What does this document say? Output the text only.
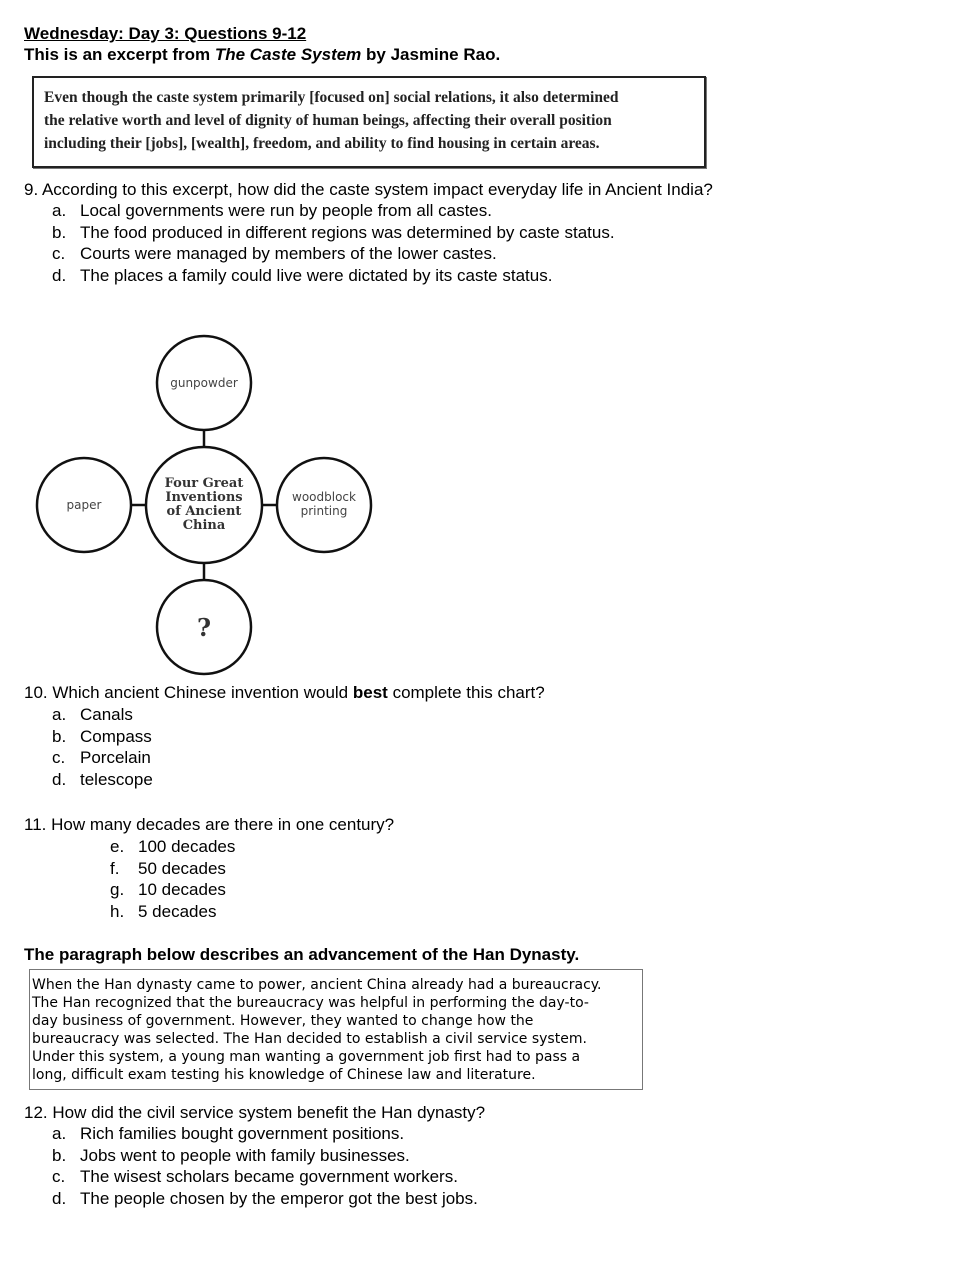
Wednesday: Day 3: Questions 9-12
This is an excerpt from The Caste System by Jasmine Rao.

Even though the caste system primarily [focused on] social relations, it also determined

the relative worth and level of dignity of human beings, affecting their overall position

including their [jobs], [wealth], freedom, and ability to find housing in certain areas.

9. According to this excerpt, how did the caste system impact everyday life in Ancient India?
a. Local governments were run by people from all castes.
b. The food produced in different regions was determined by caste status.
c. Courts were managed by members of the lower castes.
d. The places a family could live were dictated by its caste status.
gunpowder
paper
woodblock
printing
Four Great
Inventions
of Ancient
China
?
10. Which ancient Chinese invention would best complete this chart?
a. Canals
b. Compass
c. Porcelain
d. telescope
11. How many decades are there in one century?
e. 100 decades
f. 50 decades
g. 10 decades
h. 5 decades
The paragraph below describes an advancement of the Han Dynasty.

When the Han dynasty came to power, ancient China already had a bureaucracy.

The Han recognized that the bureaucracy was helpful in performing the day-to-

day business of government. However, they wanted to change how the

bureaucracy was selected. The Han decided to establish a civil service system.

Under this system, a young man wanting a government job first had to pass a

long, difficult exam testing his knowledge of Chinese law and literature.

12. How did the civil service system benefit the Han dynasty?
a. Rich families bought government positions.
b. Jobs went to people with family businesses.
c. The wisest scholars became government workers.
d. The people chosen by the emperor got the best jobs.
